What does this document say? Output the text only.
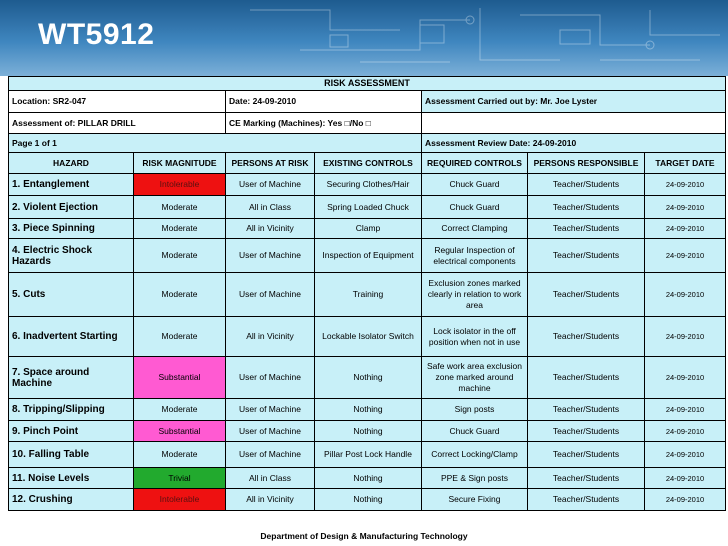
WT5912
RISK ASSESSMENT						
Location: SR2-047		Date: 24-09-2010		Assessment Carried out by: Mr. Joe Lyster		
Assessment of: PILLAR DRILL		CE Marking (Machines): Yes □/No □				
Page 1 of 1				Assessment Review Date: 24-09-2010		
HAZARD	RISK MAGNITUDE	PERSONS AT RISK	EXISTING CONTROLS	REQUIRED CONTROLS	PERSONS RESPONSIBLE	TARGET DATE
1. Entanglement	Intolerable	User of Machine	Securing Clothes/Hair	Chuck Guard	Teacher/Students	24-09-2010
2. Violent Ejection	Moderate	All in Class	Spring Loaded Chuck	Chuck Guard	Teacher/Students	24-09-2010
3. Piece Spinning	Moderate	All in Vicinity	Clamp	Correct Clamping	Teacher/Students	24-09-2010
4. Electric Shock Hazards	Moderate	User of Machine	Inspection of Equipment	Regular Inspection of electrical components	Teacher/Students	24-09-2010
5. Cuts	Moderate	User of Machine	Training	Exclusion zones marked clearly in relation to work area	Teacher/Students	24-09-2010
6. Inadvertent Starting	Moderate	All in Vicinity	Lockable Isolator Switch	Lock isolator in the off position when not in use	Teacher/Students	24-09-2010
7. Space around Machine	Substantial	User of Machine	Nothing	Safe work area exclusion zone marked around machine	Teacher/Students	24-09-2010
8. Tripping/Slipping	Moderate	User of Machine	Nothing	Sign posts	Teacher/Students	24-09-2010
9. Pinch Point	Substantial	User of Machine	Nothing	Chuck Guard	Teacher/Students	24-09-2010
10. Falling Table	Moderate	User of Machine	Pillar Post Lock Handle	Correct Locking/Clamp	Teacher/Students	24-09-2010
11. Noise Levels	Trivial	All in Class	Nothing	PPE & Sign posts	Teacher/Students	24-09-2010
12. Crushing	Intolerable	All in Vicinity	Nothing	Secure Fixing	Teacher/Students	24-09-2010
Department of Design & Manufacturing Technology
